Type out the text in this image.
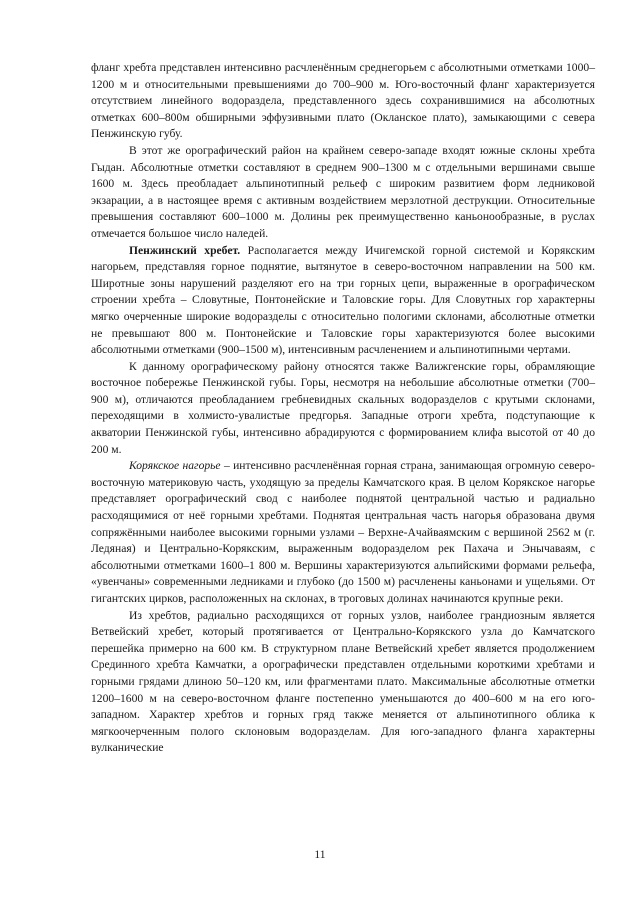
фланг хребта представлен интенсивно расчленённым среднегорьем с абсолютными отметками 1000–1200 м и относительными превышениями до 700–900 м. Юго-восточный фланг характеризуется отсутствием линейного водораздела, представленного здесь сохранившимися на абсолютных отметках 600–800м обширными эффузивными плато (Окланское плато), замыкающими с севера Пенжинскую губу.

В этот же орографический район на крайнем северо-западе входят южные склоны хребта Гыдан. Абсолютные отметки составляют в среднем 900–1300 м с отдельными вершинами свыше 1600 м. Здесь преобладает альпинотипный рельеф с широким развитием форм ледниковой экзарации, а в настоящее время с активным воздействием мерзлотной деструкции. Относительные превышения составляют 600–1000 м. Долины рек преимущественно каньонообразные, в руслах отмечается большое число наледей.

Пенжинский хребет. Располагается между Ичигемской горной системой и Корякским нагорьем, представляя горное поднятие, вытянутое в северо-восточном направлении на 500 км. Широтные зоны нарушений разделяют его на три горных цепи, выраженные в орографическом строении хребта – Словутные, Понтонейские и Таловские горы. Для Словутных гор характерны мягко очерченные широкие водоразделы с относительно пологими склонами, абсолютные отметки не превышают 800 м. Понтонейские и Таловские горы характеризуются более высокими абсолютными отметками (900–1500 м), интенсивным расчленением и альпинотипными чертами.

К данному орографическому району относятся также Валижгенские горы, обрамляющие восточное побережье Пенжинской губы. Горы, несмотря на небольшие абсолютные отметки (700–900 м), отличаются преобладанием гребневидных скальных водоразделов с крутыми склонами, переходящими в холмисто-увалистые предгорья. Западные отроги хребта, подступающие к акватории Пенжинской губы, интенсивно абрадируются с формированием клифа высотой от 40 до 200 м.

Корякское нагорье – интенсивно расчленённая горная страна, занимающая огромную северо-восточную материковую часть, уходящую за пределы Камчатского края. В целом Корякское нагорье представляет орографический свод с наиболее поднятой центральной частью и радиально расходящимися от неё горными хребтами. Поднятая центральная часть нагорья образована двумя сопряжёнными наиболее высокими горными узлами – Верхне-Ачайваямским с вершиной 2562 м (г. Ледяная) и Центрально-Корякским, выраженным водоразделом рек Пахача и Энычаваям, с абсолютными отметками 1600–1 800 м. Вершины характеризуются альпийскими формами рельефа, «увенчаны» современными ледниками и глубоко (до 1500 м) расчленены каньонами и ущельями. От гигантских цирков, расположенных на склонах, в троговых долинах начинаются крупные реки.

Из хребтов, радиально расходящихся от горных узлов, наиболее грандиозным является Ветвейский хребет, который протягивается от Центрально-Корякского узла до Камчатского перешейка примерно на 600 км. В структурном плане Ветвейский хребет является продолжением Срединного хребта Камчатки, а орографически представлен отдельными короткими хребтами и горными грядами длиною 50–120 км, или фрагментами плато. Максимальные абсолютные отметки 1200–1600 м на северо-восточном фланге постепенно уменьшаются до 400–600 м на его юго-западном. Характер хребтов и горных гряд также меняется от альпинотипного облика к мягкоочерченным полого склоновым водоразделам. Для юго-западного фланга характерны вулканические

11
